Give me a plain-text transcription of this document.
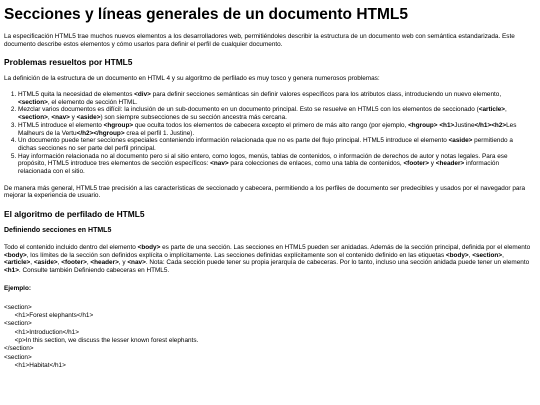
Secciones y líneas generales de un documento HTML5

La especificación HTML5 trae muchos nuevos elementos a los desarrolladores web, permitiéndoles describir la estructura de un documento web con semántica estandarizada. Este documento describe estos elementos y cómo usarlos para definir el perfil de cualquier documento.

Problemas resueltos por HTML5

La definición de la estructura de un documento en HTML 4 y su algoritmo de perfilado es muy tosco y genera numerosos problemas:

1. HTML5 quita la necesidad de elementos <div> para definir secciones semánticas sin definir valores específicos para los atributos class, introduciendo un nuevo elemento, <section>, el elemento de sección HTML.
2. Mezclar varios documentos es difícil: la inclusión de un sub-documento en un documento principal. Esto se resuelve en HTML5 con los elementos de seccionado (<article>, <section>, <nav> y <aside>) son siempre subsecciones de su sección ancestra más cercana.
3. HTML5 introduce el elemento <hgroup> que oculta todos los elementos de cabecera excepto el primero de más alto rango (por ejemplo, <hgroup> <h1>Justine</h1><h2>Les Malheurs de la Vertu</h2></hgroup> crea el perfil 1. Justine).
4. Un documento puede tener secciones especiales conteniendo información relacionada que no es parte del flujo principal. HTML5 introduce el elemento <aside> permitiendo a dichas secciones no ser parte del perfil principal.
5. Hay información relacionada no al documento pero si al sitio entero, como logos, menús, tablas de contenidos, o información de derechos de autor y notas legales. Para ese propósito, HTML5 introduce tres elementos de sección específicos: <nav> para colecciones de enlaces, como una tabla de contenidos, <footer> y <header> información relacionada con el sitio.

De manera más general, HTML5 trae precisión a las características de seccionado y cabecera, permitiendo a los perfiles de documento ser predecibles y usados por el navegador para mejorar la experiencia de usuario.

El algoritmo de perfilado de HTML5
Definiendo secciones en HTML5

Todo el contenido incluido dentro del elemento <body> es parte de una sección. Las secciones en HTML5 pueden ser anidadas. Además de la sección principal, definida por el elemento <body>, los límites de la sección son definidos explícita o implícitamente. Las secciones definidas explícitamente son el contenido definido en las etiquetas <body>, <section>, <article>, <aside>, <footer>, <header>, y <nav>. Nota: Cada sección puede tener su propia jerarquía de cabeceras. Por lo tanto, incluso una sección anidada puede tener un elemento <h1>. Consulte también Definiendo cabeceras en HTML5.

Ejemplo:
<section>
<h1>Forest elephants</h1>
<section>
<h1>Introduction</h1>
<p>In this section, we discuss the lesser known forest elephants.
</section>
<section>
<h1>Habitat</h1>
